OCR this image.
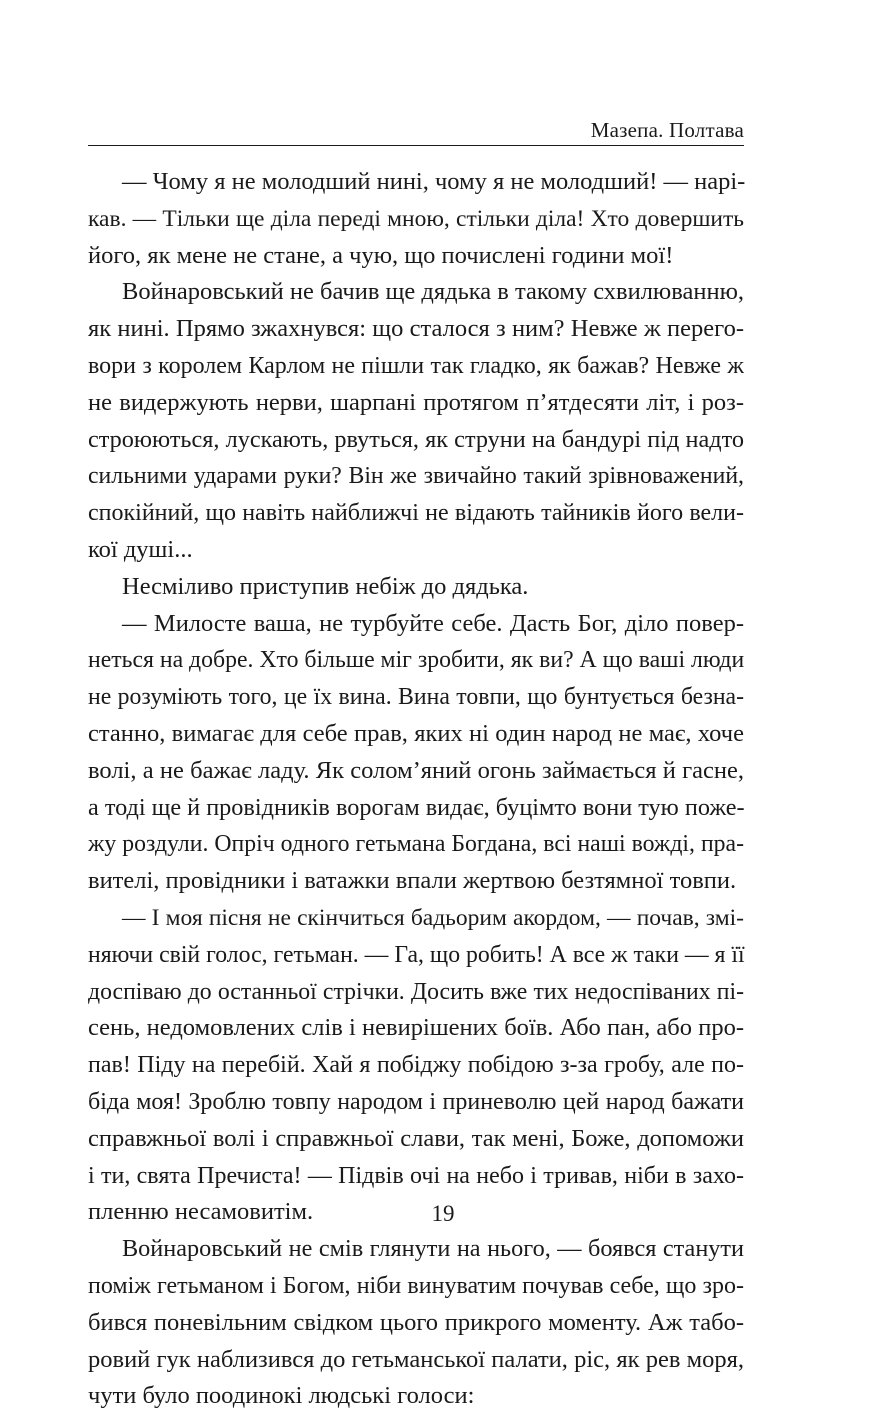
Мазепа. Полтава
— Чому я не молодший нині, чому я не молодший! — нарі-
кав. — Тільки ще діла переді мною, стільки діла! Хто довершить
його, як мене не стане, а чую, що почислені години мої!
Войнаровський не бачив ще дядька в такому схвилюванню,
як нині. Прямо зжахнувся: що сталося з ним? Невже ж перего-
вори з королем Карлом не пішли так гладко, як бажав? Невже ж
не видержують нерви, шарпані протягом п’ятдесяти літ, і роз-
строюються, лускають, рвуться, як струни на бандурі під надто
сильними ударами руки? Він же звичайно такий зрівноважений,
спокійний, що навіть найближчі не відають тайників його вели-
кої душі...
Несміливо приступив небіж до дядька.
— Милосте ваша, не турбуйте себе. Дасть Бог, діло повер-
неться на добре. Хто більше міг зробити, як ви? А що ваші люди
не розуміють того, це їх вина. Вина товпи, що бунтується безна-
станно, вимагає для себе прав, яких ні один народ не має, хоче
волі, а не бажає ладу. Як солом’яний огонь займається й гасне,
а тоді ще й провідників ворогам видає, буцімто вони тую поже-
жу роздули. Опріч одного гетьмана Богдана, всі наші вожді, пра-
вителі, провідники і ватажки впали жертвою безтямної товпи.
— І моя пісня не скінчиться бадьорим акордом, — почав, змі-
няючи свій голос, гетьман. — Га, що робить! А все ж таки — я її
доспіваю до останньої стрічки. Досить вже тих недоспіваних пі-
сень, недомовлених слів і невирішених боїв. Або пан, або про-
пав! Піду на перебій. Хай я побіджу побідою з-за гробу, але по-
біда моя! Зроблю товпу народом і приневолю цей народ бажати
справжньої волі і справжньої слави, так мені, Боже, допоможи
і ти, свята Пречиста! — Підвів очі на небо і тривав, ніби в захо-
пленню несамовитім.
Войнаровський не смів глянути на нього, — боявся станути
поміж гетьманом і Богом, ніби винуватим почував себе, що зро-
бився поневільним свідком цього прикрого моменту. Аж табо-
ровий гук наблизився до гетьманської палати, ріс, як рев моря,
чути було поодинокі людські голоси:
19
